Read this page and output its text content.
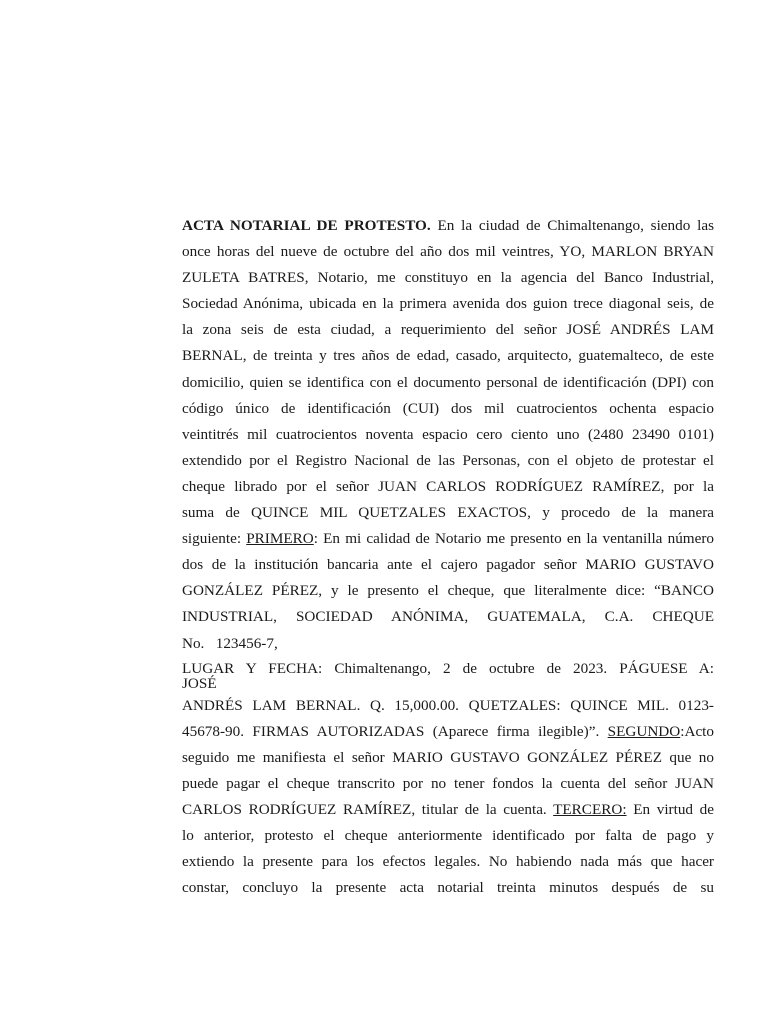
ACTA NOTARIAL DE PROTESTO. En la ciudad de Chimaltenango, siendo las
once horas del nueve de octubre del año dos mil veintres, YO, MARLON BRYAN
ZULETA BATRES, Notario, me constituyo en la agencia del Banco Industrial,
Sociedad Anónima, ubicada en la primera avenida dos guion trece diagonal seis, de
la zona seis de esta ciudad, a requerimiento del señor JOSÉ ANDRÉS LAM
BERNAL, de treinta y tres años de edad, casado, arquitecto, guatemalteco, de este
domicilio, quien se identifica con el documento personal de identificación (DPI) con
código único de identificación (CUI) dos mil cuatrocientos ochenta espacio
veintitrés mil cuatrocientos noventa espacio cero ciento uno (2480 23490 0101)
extendido por el Registro Nacional de las Personas, con el objeto de protestar el
cheque librado por el señor JUAN CARLOS RODRÍGUEZ RAMÍREZ, por la
suma de QUINCE MIL QUETZALES EXACTOS, y procedo de la manera
siguiente: PRIMERO: En mi calidad de Notario me presento en la ventanilla número
dos de la institución bancaria ante el cajero pagador señor MARIO GUSTAVO
GONZÁLEZ PÉREZ, y le presento el cheque, que literalmente dice: “BANCO
INDUSTRIAL, SOCIEDAD ANÓNIMA, GUATEMALA, C.A. CHEQUE
No.   123456-7,
LUGAR Y FECHA: Chimaltenango, 2 de octubre de 2023. PÁGUESE A:
JOSÉ
ANDRÉS LAM BERNAL. Q. 15,000.00. QUETZALES: QUINCE MIL. 0123-
45678-90. FIRMAS AUTORIZADAS (Aparece firma ilegible)”. SEGUNDO:Acto
seguido me manifiesta el señor MARIO GUSTAVO GONZÁLEZ PÉREZ que no
puede pagar el cheque transcrito por no tener fondos la cuenta del señor JUAN
CARLOS RODRÍGUEZ RAMÍREZ, titular de la cuenta. TERCERO: En virtud de
lo anterior, protesto el cheque anteriormente identificado por falta de pago y
extiendo la presente para los efectos legales. No habiendo nada más que hacer
constar, concluyo la presente acta notarial treinta minutos después de su
